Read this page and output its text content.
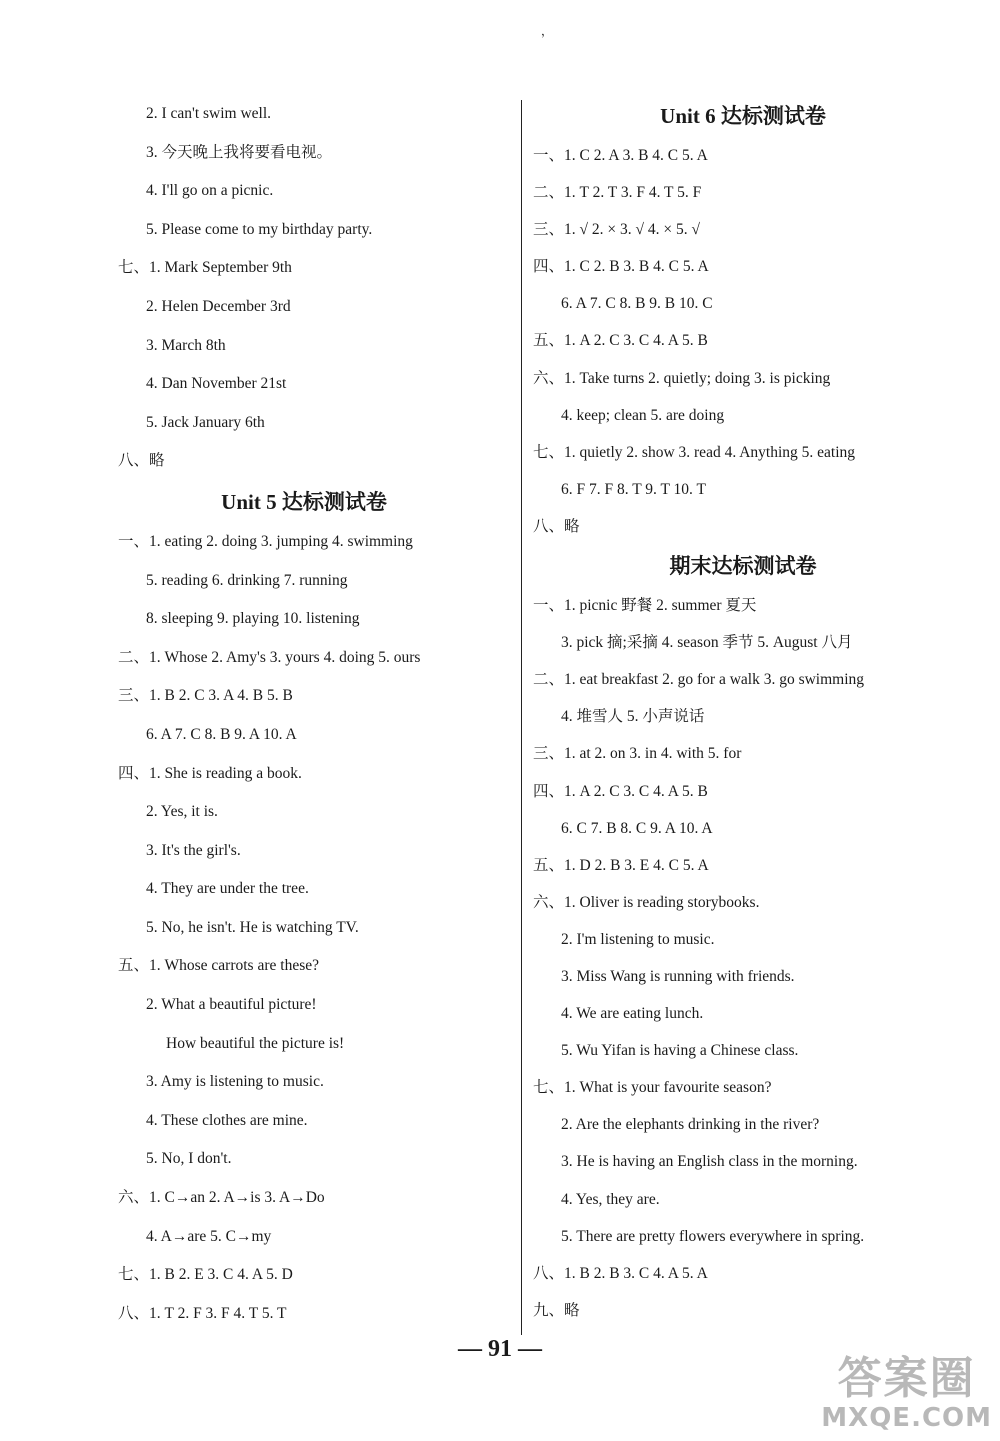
，
2. I can't swim well.
3. 今天晚上我将要看电视。
4. I'll go on a picnic.
5. Please come to my birthday party.
七、1. Mark September 9th
2. Helen December 3rd
3. March 8th
4. Dan November 21st
5. Jack January 6th
八、略
Unit 5 达标测试卷
一、1. eating 2. doing 3. jumping 4. swimming
5. reading 6. drinking 7. running
8. sleeping 9. playing 10. listening
二、1. Whose 2. Amy's 3. yours 4. doing 5. ours
三、1. B 2. C 3. A 4. B 5. B
6. A 7. C 8. B 9. A 10. A
四、1. She is reading a book.
2. Yes, it is.
3. It's the girl's.
4. They are under the tree.
5. No, he isn't. He is watching TV.
五、1. Whose carrots are these?
2. What a beautiful picture!
How beautiful the picture is!
3. Amy is listening to music.
4. These clothes are mine.
5. No, I don't.
六、1. C→an 2. A→is 3. A→Do
4. A→are 5. C→my
七、1. B 2. E 3. C 4. A 5. D
八、1. T 2. F 3. F 4. T 5. T
Unit 6 达标测试卷
一、1. C 2. A 3. B 4. C 5. A
二、1. T 2. T 3. F 4. T 5. F
三、1. √ 2. × 3. √ 4. × 5. √
四、1. C 2. B 3. B 4. C 5. A
6. A 7. C 8. B 9. B 10. C
五、1. A 2. C 3. C 4. A 5. B
六、1. Take turns 2. quietly; doing 3. is picking
4. keep; clean 5. are doing
七、1. quietly 2. show 3. read 4. Anything 5. eating
6. F 7. F 8. T 9. T 10. T
八、略
期末达标测试卷
一、1. picnic 野餐 2. summer 夏天
3. pick 摘;采摘 4. season 季节 5. August 八月
二、1. eat breakfast 2. go for a walk 3. go swimming
4. 堆雪人 5. 小声说话
三、1. at 2. on 3. in 4. with 5. for
四、1. A 2. C 3. C 4. A 5. B
6. C 7. B 8. C 9. A 10. A
五、1. D 2. B 3. E 4. C 5. A
六、1. Oliver is reading storybooks.
2. I'm listening to music.
3. Miss Wang is running with friends.
4. We are eating lunch.
5. Wu Yifan is having a Chinese class.
七、1. What is your favourite season?
2. Are the elephants drinking in the river?
3. He is having an English class in the morning.
4. Yes, they are.
5. There are pretty flowers everywhere in spring.
八、1. B 2. B 3. C 4. A 5. A
九、略
— 91 —
答案圈
MXQE.COM
